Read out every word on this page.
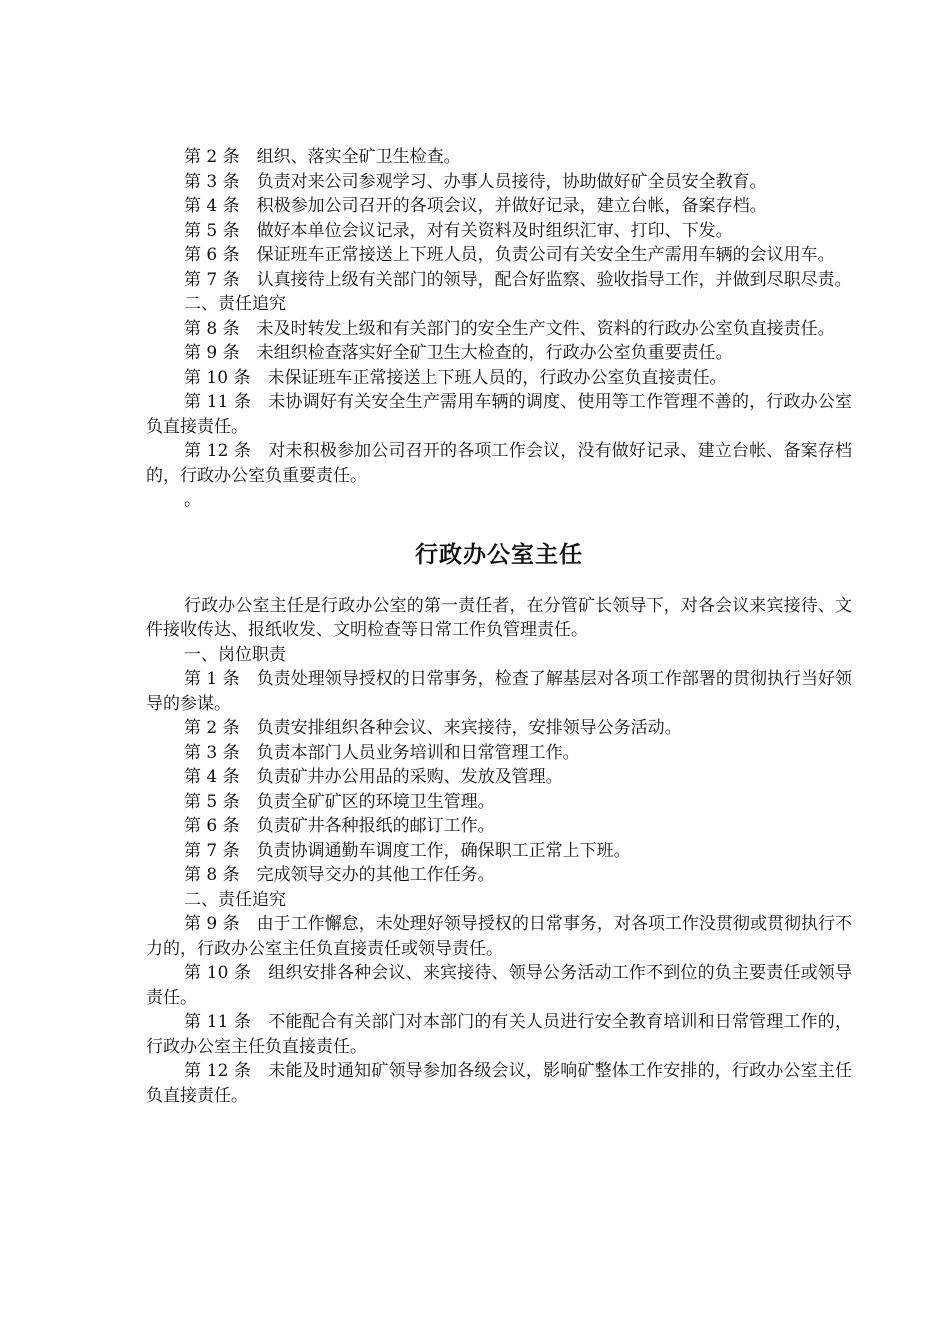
第 2 条　组织、落实全矿卫生检查。

第 3 条　负责对来公司参观学习、办事人员接待，协助做好矿全员安全教育。

第 4 条　积极参加公司召开的各项会议，并做好记录，建立台帐，备案存档。

第 5 条　做好本单位会议记录，对有关资料及时组织汇审、打印、下发。

第 6 条　保证班车正常接送上下班人员，负责公司有关安全生产需用车辆的会议用车。

第 7 条　认真接待上级有关部门的领导，配合好监察、验收指导工作，并做到尽职尽责。

二、责任追究

第 8 条　未及时转发上级和有关部门的安全生产文件、资料的行政办公室负直接责任。

第 9 条　未组织检查落实好全矿卫生大检查的，行政办公室负重要责任。

第 10 条　未保证班车正常接送上下班人员的，行政办公室负直接责任。

第 11 条　未协调好有关安全生产需用车辆的调度、使用等工作管理不善的，行政办公室负直接责任。

第 12 条　对未积极参加公司召开的各项工作会议，没有做好记录、建立台帐、备案存档的，行政办公室负重要责任。

。

行政办公室主任

行政办公室主任是行政办公室的第一责任者，在分管矿长领导下，对各会议来宾接待、文件接收传达、报纸收发、文明检查等日常工作负管理责任。

一、岗位职责

第 1 条　负责处理领导授权的日常事务，检查了解基层对各项工作部署的贯彻执行当好领导的参谋。

第 2 条　负责安排组织各种会议、来宾接待，安排领导公务活动。

第 3 条　负责本部门人员业务培训和日常管理工作。

第 4 条　负责矿井办公用品的采购、发放及管理。

第 5 条　负责全矿矿区的环境卫生管理。

第 6 条　负责矿井各种报纸的邮订工作。

第 7 条　负责协调通勤车调度工作，确保职工正常上下班。

第 8 条　完成领导交办的其他工作任务。

二、责任追究

第 9 条　由于工作懈怠，未处理好领导授权的日常事务，对各项工作没贯彻或贯彻执行不力的，行政办公室主任负直接责任或领导责任。

第 10 条　组织安排各种会议、来宾接待、领导公务活动工作不到位的负主要责任或领导责任。

第 11 条　不能配合有关部门对本部门的有关人员进行安全教育培训和日常管理工作的，行政办公室主任负直接责任。

第 12 条　未能及时通知矿领导参加各级会议，影响矿整体工作安排的，行政办公室主任负直接责任。
